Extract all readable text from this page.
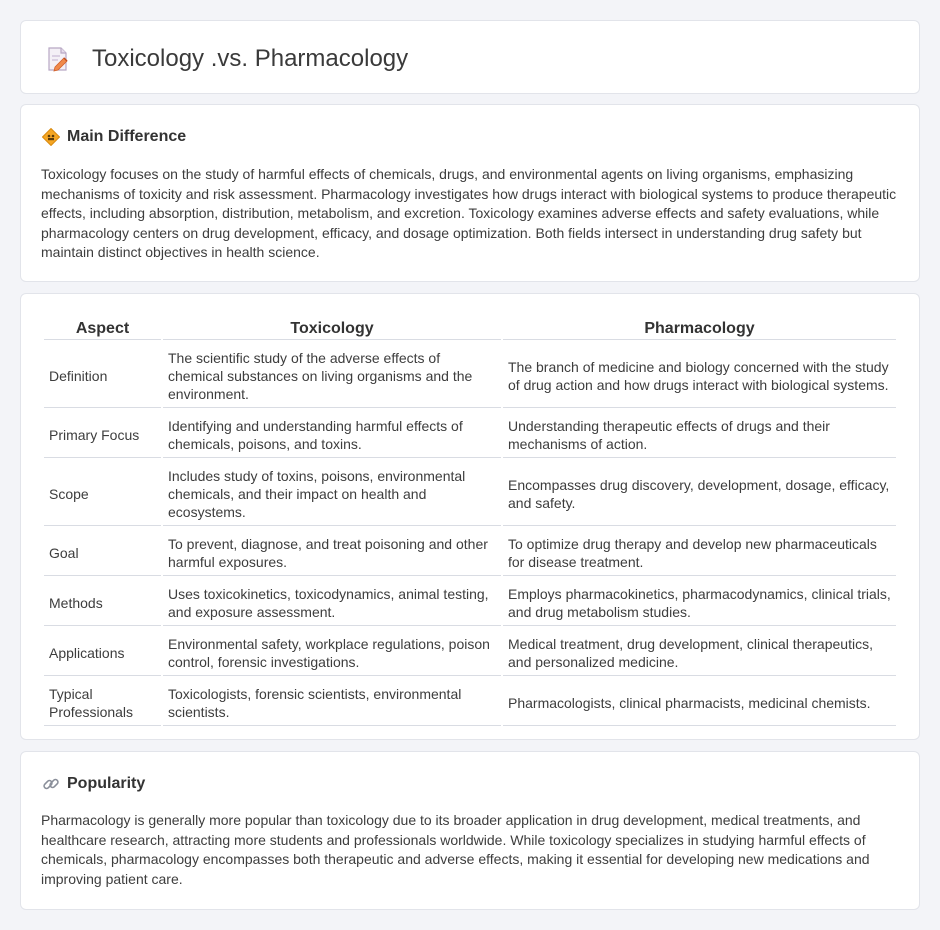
Toxicology .vs. Pharmacology
Main Difference

Toxicology focuses on the study of harmful effects of chemicals, drugs, and environmental agents on living organisms, emphasizing mechanisms of toxicity and risk assessment. Pharmacology investigates how drugs interact with biological systems to produce therapeutic effects, including absorption, distribution, metabolism, and excretion. Toxicology examines adverse effects and safety evaluations, while pharmacology centers on drug development, efficacy, and dosage optimization. Both fields intersect in understanding drug safety but maintain distinct objectives in health science.

Aspect	Toxicology	Pharmacology
Definition	The scientific study of the adverse effects of chemical substances on living organisms and the environment.	The branch of medicine and biology concerned with the study of drug action and how drugs interact with biological systems.
Primary Focus	Identifying and understanding harmful effects of chemicals, poisons, and toxins.	Understanding therapeutic effects of drugs and their mechanisms of action.
Scope	Includes study of toxins, poisons, environmental chemicals, and their impact on health and ecosystems.	Encompasses drug discovery, development, dosage, efficacy, and safety.
Goal	To prevent, diagnose, and treat poisoning and other harmful exposures.	To optimize drug therapy and develop new pharmaceuticals for disease treatment.
Methods	Uses toxicokinetics, toxicodynamics, animal testing, and exposure assessment.	Employs pharmacokinetics, pharmacodynamics, clinical trials, and drug metabolism studies.
Applications	Environmental safety, workplace regulations, poison control, forensic investigations.	Medical treatment, drug development, clinical therapeutics, and personalized medicine.
Typical Professionals	Toxicologists, forensic scientists, environmental scientists.	Pharmacologists, clinical pharmacists, medicinal chemists.
Popularity

Pharmacology is generally more popular than toxicology due to its broader application in drug development, medical treatments, and healthcare research, attracting more students and professionals worldwide. While toxicology specializes in studying harmful effects of chemicals, pharmacology encompasses both therapeutic and adverse effects, making it essential for developing new medications and improving patient care.
